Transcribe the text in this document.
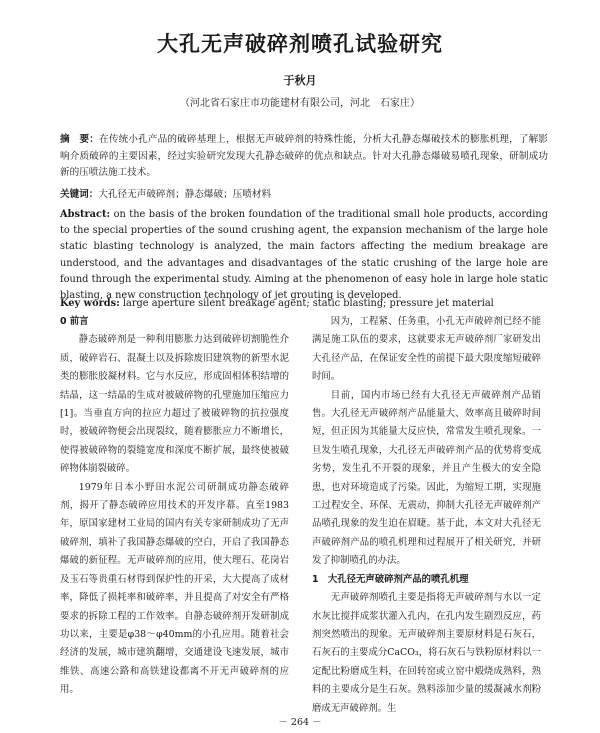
大孔无声破碎剂喷孔试验研究
于秋月
（河北省石家庄市功能建材有限公司，河北　石家庄）
摘　要：在传统小孔产品的破碎基理上，根据无声破碎剂的特殊性能，分析大孔静态爆破技术的膨胀机理，了解影响介质破碎的主要因素，经过实验研究发现大孔静态破碎的优点和缺点。针对大孔静态爆破易喷孔现象，研制成功新的压喷法施工技术。
关键词：大孔径无声破碎剂；静态爆破；压喷材料
Abstract: on the basis of the broken foundation of the traditional small hole products, according to the special properties of the sound crushing agent, the expansion mechanism of the large hole static blasting technology is analyzed, the main factors affecting the medium breakage are understood, and the advantages and disadvantages of the static crushing of the large hole are found through the experimental study. Aiming at the phenomenon of easy hole in large hole static blasting, a new construction technology of jet grouting is developed.
Key words: large aperture silent breakage agent; static blasting; pressure jet material

0 前言

静态破碎剂是一种利用膨胀力达到破碎切割脆性介质，破碎岩石、混凝土以及拆除废旧建筑物的新型水泥类的膨胀胶凝材料。它与水反应，形成固相体积结增的结晶，这一结晶的生成对被破碎物的孔壁施加压缩应力[1]。当垂直方向的拉应力超过了被破碎物的抗拉强度时，被破碎物便会出现裂纹，随着膨胀应力不断增长，使得被破碎物的裂缝宽度和深度不断扩展，最终使被破碎物体崩裂破碎。

1979年日本小野田水泥公司研制成功静态破碎剂，揭开了静态破碎应用技术的开发序幕。直至1983年，原国家建材工业局的国内有关专家研制成功了无声破碎剂，填补了我国静态爆破的空白，开启了我国静态爆破的新征程。无声破碎剂的应用，使大理石、花岗岩及玉石等贵重石材得到保护性的开采，大大提高了成材率，降低了损耗率和破碎率，并且提高了对安全有严格要求的拆除工程的工作效率。自静态破碎剂开发研制成功以来，主要是φ38～φ40mm的小孔应用。随着社会经济的发展，城市建筑翻增，交通建设飞速发展，城市维铁、高速公路和高铁建设都离不开无声破碎剂的应用。

因为，工程紧、任务重，小孔无声破碎剂已经不能满足施工队伍的要求，这就要求无声破碎剂厂家研发出大孔径产品，在保证安全性的前提下最大限度缩短破碎时间。

目前，国内市场已经有大孔径无声破碎剂产品销售。大孔径无声破碎剂产品能量大、效率高且破碎时间短，但正因为其能量大反应快，常常发生喷孔现象。一旦发生喷孔现象，大孔径无声破碎剂产品的优势将变成劣势，发生孔不开裂的现象，并且产生极大的安全隐患，也对环境造成了污染。因此，为缩短工期，实现施工过程安全、环保、无震动，抑制大孔径无声破碎剂产品喷孔现象的发生迫在眉睫。基于此，本文对大孔径无声破碎剂产品的喷孔机理和过程展开了相关研究，并研发了抑制喷孔的办法。

1　大孔径无声破碎剂产品的喷孔机理

无声破碎剂喷孔主要是指将无声破碎剂与水以一定水灰比搅拌成浆状灌入孔内，在孔内发生剧烈反应，药剂突然喷出的现象。无声破碎剂主要原材料是石灰石，石灰石的主要成分CaCO₃，将石灰石与铁粉原材料以一定配比粉磨成生料，在回转窑或立窑中煅烧成熟料，熟料的主要成分是生石灰。熟料添加少量的缓凝减水剂粉磨成无声破碎剂。生

－ 264 －
